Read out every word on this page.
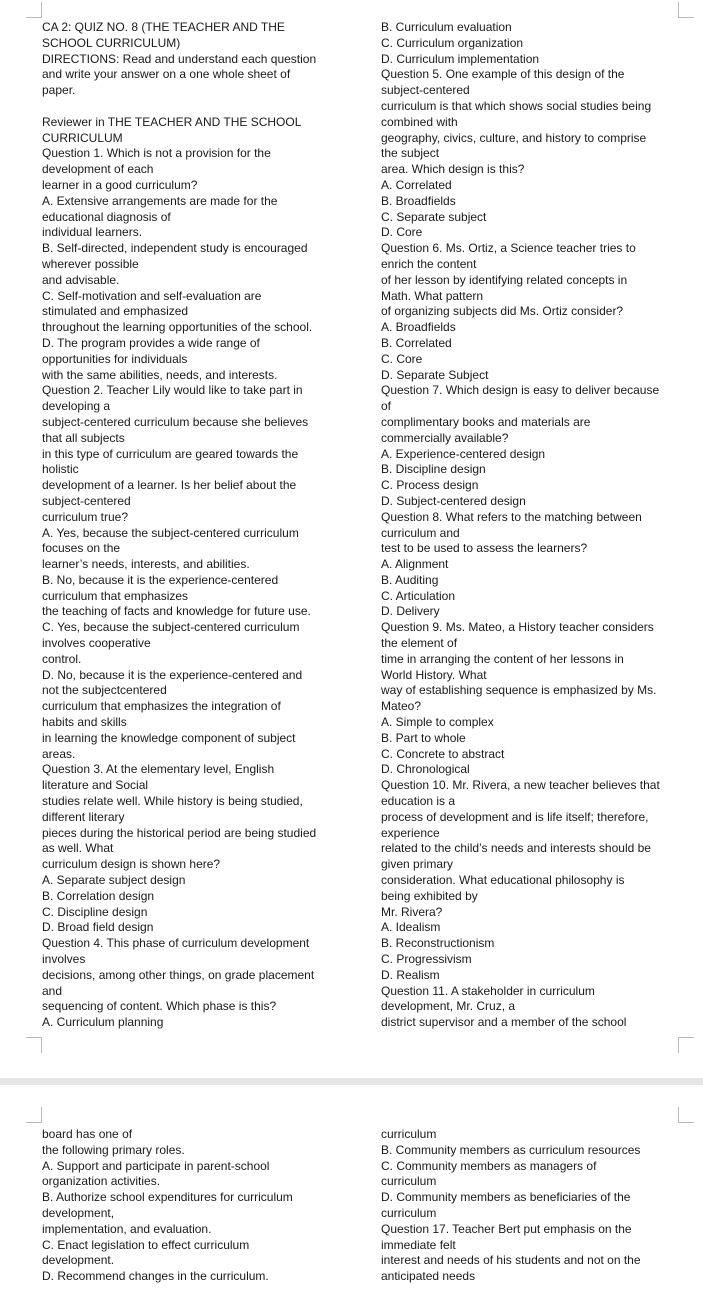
CA 2: QUIZ NO. 8 (THE TEACHER AND THE
SCHOOL CURRICULUM)
DIRECTIONS: Read and understand each question
and write your answer on a one whole sheet of
paper.
Reviewer in THE TEACHER AND THE SCHOOL
CURRICULUM
Question 1. Which is not a provision for the
development of each
learner in a good curriculum?
A. Extensive arrangements are made for the
educational diagnosis of
individual learners.
B. Self-directed, independent study is encouraged
wherever possible
and advisable.
C. Self-motivation and self-evaluation are
stimulated and emphasized
throughout the learning opportunities of the school.
D. The program provides a wide range of
opportunities for individuals
with the same abilities, needs, and interests.
Question 2. Teacher Lily would like to take part in
developing a
subject-centered curriculum because she believes
that all subjects
in this type of curriculum are geared towards the
holistic
development of a learner. Is her belief about the
subject-centered
curriculum true?
A. Yes, because the subject-centered curriculum
focuses on the
learner’s needs, interests, and abilities.
B. No, because it is the experience-centered
curriculum that emphasizes
the teaching of facts and knowledge for future use.
C. Yes, because the subject-centered curriculum
involves cooperative
control.
D. No, because it is the experience-centered and
not the subjectcentered
curriculum that emphasizes the integration of
habits and skills
in learning the knowledge component of subject
areas.
Question 3. At the elementary level, English
literature and Social
studies relate well. While history is being studied,
different literary
pieces during the historical period are being studied
as well. What
curriculum design is shown here?
A. Separate subject design
B. Correlation design
C. Discipline design
D. Broad field design
Question 4. This phase of curriculum development
involves
decisions, among other things, on grade placement
and
sequencing of content. Which phase is this?
A. Curriculum planning
B. Curriculum evaluation
C. Curriculum organization
D. Curriculum implementation
Question 5. One example of this design of the
subject-centered
curriculum is that which shows social studies being
combined with
geography, civics, culture, and history to comprise
the subject
area. Which design is this?
A. Correlated
B. Broadfields
C. Separate subject
D. Core
Question 6. Ms. Ortiz, a Science teacher tries to
enrich the content
of her lesson by identifying related concepts in
Math. What pattern
of organizing subjects did Ms. Ortiz consider?
A. Broadfields
B. Correlated
C. Core
D. Separate Subject
Question 7. Which design is easy to deliver because
of
complimentary books and materials are
commercially available?
A. Experience-centered design
B. Discipline design
C. Process design
D. Subject-centered design
Question 8. What refers to the matching between
curriculum and
test to be used to assess the learners?
A. Alignment
B. Auditing
C. Articulation
D. Delivery
Question 9. Ms. Mateo, a History teacher considers
the element of
time in arranging the content of her lessons in
World History. What
way of establishing sequence is emphasized by Ms.
Mateo?
A. Simple to complex
B. Part to whole
C. Concrete to abstract
D. Chronological
Question 10. Mr. Rivera, a new teacher believes that
education is a
process of development and is life itself; therefore,
experience
related to the child’s needs and interests should be
given primary
consideration. What educational philosophy is
being exhibited by
Mr. Rivera?
A. Idealism
B. Reconstructionism
C. Progressivism
D. Realism
Question 11. A stakeholder in curriculum
development, Mr. Cruz, a
district supervisor and a member of the school
board has one of
the following primary roles.
A. Support and participate in parent-school
organization activities.
B. Authorize school expenditures for curriculum
development,
implementation, and evaluation.
C. Enact legislation to effect curriculum
development.
D. Recommend changes in the curriculum.
curriculum
B. Community members as curriculum resources
C. Community members as managers of
curriculum
D. Community members as beneficiaries of the
curriculum
Question 17. Teacher Bert put emphasis on the
immediate felt
interest and needs of his students and not on the
anticipated needs
